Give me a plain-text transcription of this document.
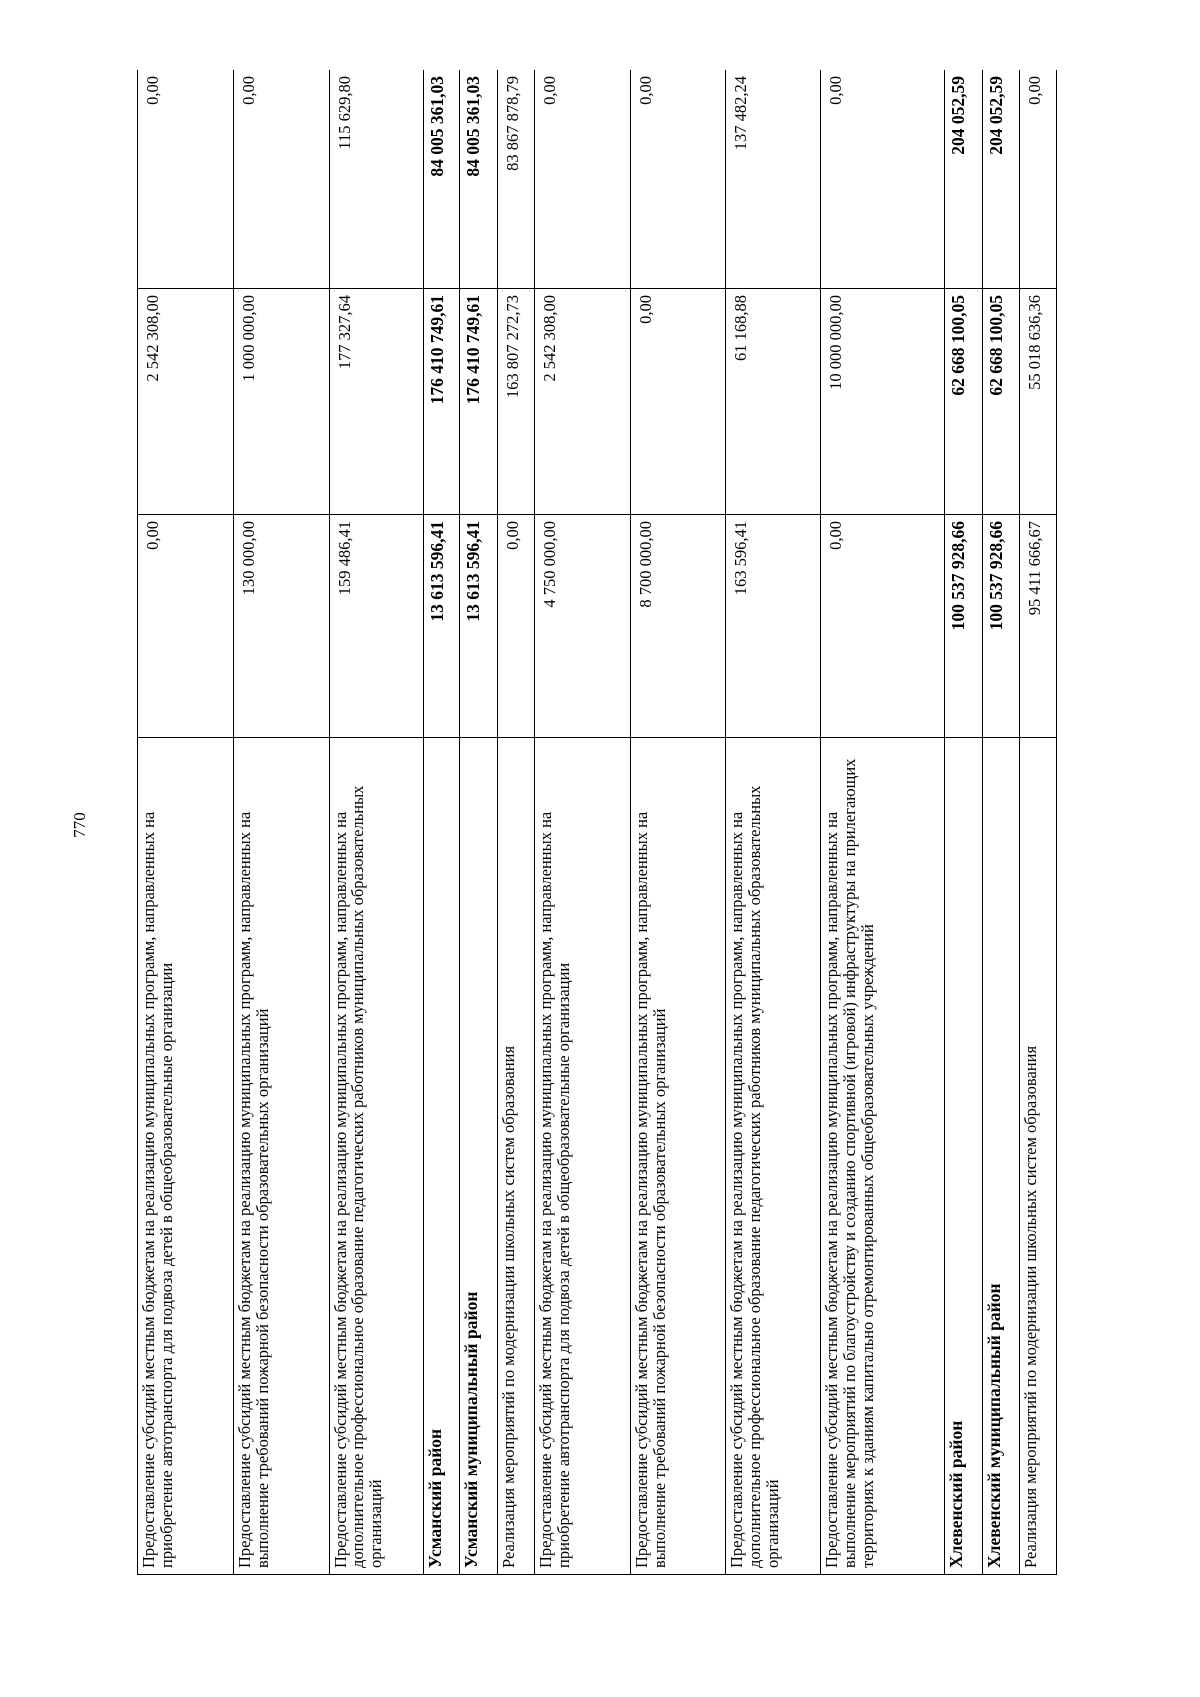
770	Предоставление субсидий местным бюджетам на реализацию муниципальных программ, направленных на приобретение автотранспорта для подвоза детей в общеобразовательные организации	0,00	2 542 308,00	0,00
Предоставление субсидий местным бюджетам на реализацию муниципальных программ, направленных на выполнение требований пожарной безопасности образовательных организаций	130 000,00	1 000 000,00	0,00
Предоставление субсидий местным бюджетам на реализацию муниципальных программ, направленных на дополнительное профессиональное образование педагогических работников муниципальных образовательных организаций	159 486,41	177 327,64	115 629,80
Усманский район	13 613 596,41	176 410 749,61	84 005 361,03
Усманский муниципальный район	13 613 596,41	176 410 749,61	84 005 361,03
Реализация мероприятий по модернизации школьных систем образования	0,00	163 807 272,73	83 867 878,79
Предоставление субсидий местным бюджетам на реализацию муниципальных программ, направленных на приобретение автотранспорта для подвоза детей в общеобразовательные организации	4 750 000,00	2 542 308,00	0,00
Предоставление субсидий местным бюджетам на реализацию муниципальных программ, направленных на выполнение требований пожарной безопасности образовательных организаций	8 700 000,00	0,00	0,00
Предоставление субсидий местным бюджетам на реализацию муниципальных программ, направленных на дополнительное профессиональное образование педагогических работников муниципальных образовательных организаций	163 596,41	61 168,88	137 482,24
Предоставление субсидий местным бюджетам на реализацию муниципальных программ, направленных на выполнение мероприятий по благоустройству и созданию спортивной (игровой) инфраструктуры на прилегающих территориях к зданиям капитально отремонтированных общеобразовательных учреждений	0,00	10 000 000,00	0,00
Хлевенский район	100 537 928,66	62 668 100,05	204 052,59
Хлевенский муниципальный район	100 537 928,66	62 668 100,05	204 052,59
Реализация мероприятий по модернизации школьных систем образования	95 411 666,67	55 018 636,36	0,00
